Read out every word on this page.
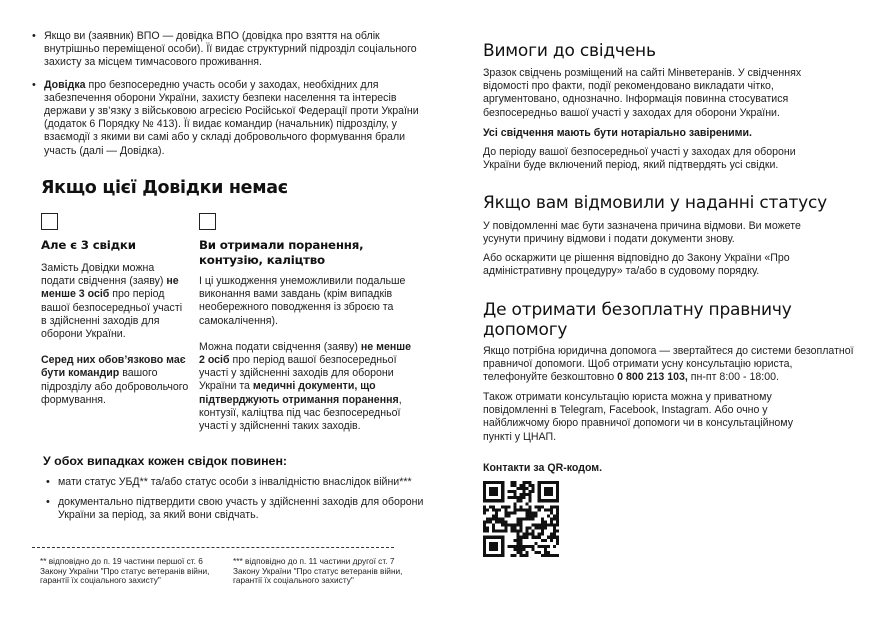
• Якщо ви (заявник) ВПО — довідка ВПО (довідка про взяття на облік внутрішньо переміщеної особи). Її видає структурний підрозділ соціального захисту за місцем тимчасового проживання.
• Довідка про безпосередню участь особи у заходах, необхідних для забезпечення оборони України, захисту безпеки населення та інтересів держави у зв’язку з військовою агресією Російської Федерації проти України (додаток 6 Порядку № 413). Її видає командир (начальник) підрозділу, у взаємодії з якими ви самі або у складі добровольчого формування брали участь (далі — Довідка).
Якщо цієї Довідки немає
Але є 3 свідки
Замість Довідки можна подати свідчення (заяву) не менше 3 осіб про період вашої безпосередньої участі в здійсненні заходів для оборони України.
Серед них обов’язково має бути командир вашого підрозділу або добровольчого формування.
Ви отримали поранення, контузію, каліцтво
І ці ушкодження унеможливили подальше виконання вами завдань (крім випадків необережного поводження із зброєю та самокалічення).
Можна подати свідчення (заяву) не менше 2 осіб про період вашої безпосередньої участі у здійсненні заходів для оборони України та медичні документи, що підтверджують отримання поранення, контузії, каліцтва під час безпосередньої участі у здійсненні таких заходів.
У обох випадках кожен свідок повинен:
• мати статус УБД** та/або статус особи з інвалідністю внаслідок війни***
• документально підтвердити свою участь у здійсненні заходів для оборони України за період, за який вони свідчать.
** відповідно до п. 19 частини першої ст. 6 Закону України "Про статус ветеранів війни, гарантії їх соціального захисту"
*** відповідно до п. 11 частини другої ст. 7 Закону України "Про статус ветеранів війни, гарантії їх соціального захисту"
Вимоги до свідчень
Зразок свідчень розміщений на сайті Мінветеранів. У свідченнях відомості про факти, події рекомендовано викладати чітко, аргументовано, однозначно. Інформація повинна стосуватися безпосередньо вашої участі у заходах для оборони України.
Усі свідчення мають бути нотаріально завіреними.
До періоду вашої безпосередньої участі у заходах для оборони України буде включений період, який підтвердять усі свідки.
Якщо вам відмовили у наданні статусу
У повідомленні має бути зазначена причина відмови. Ви можете усунути причину відмови і подати документи знову.
Або оскаржити це рішення відповідно до Закону України «Про адміністративну процедуру» та/або в судовому порядку.
Де отримати безоплатну правничу допомогу
Якщо потрібна юридична допомога — звертайтеся до системи безоплатної правничої допомоги. Щоб отримати усну консультацію юриста, телефонуйте безкоштовно 0 800 213 103, пн-пт 8:00 - 18:00.
Також отримати консультацію юриста можна у приватному повідомленні в Telegram, Facebook, Instagram. Або очно у найближчому бюро правничої допомоги чи в консультаційному пункті у ЦНАП.
Контакти за QR-кодом.
